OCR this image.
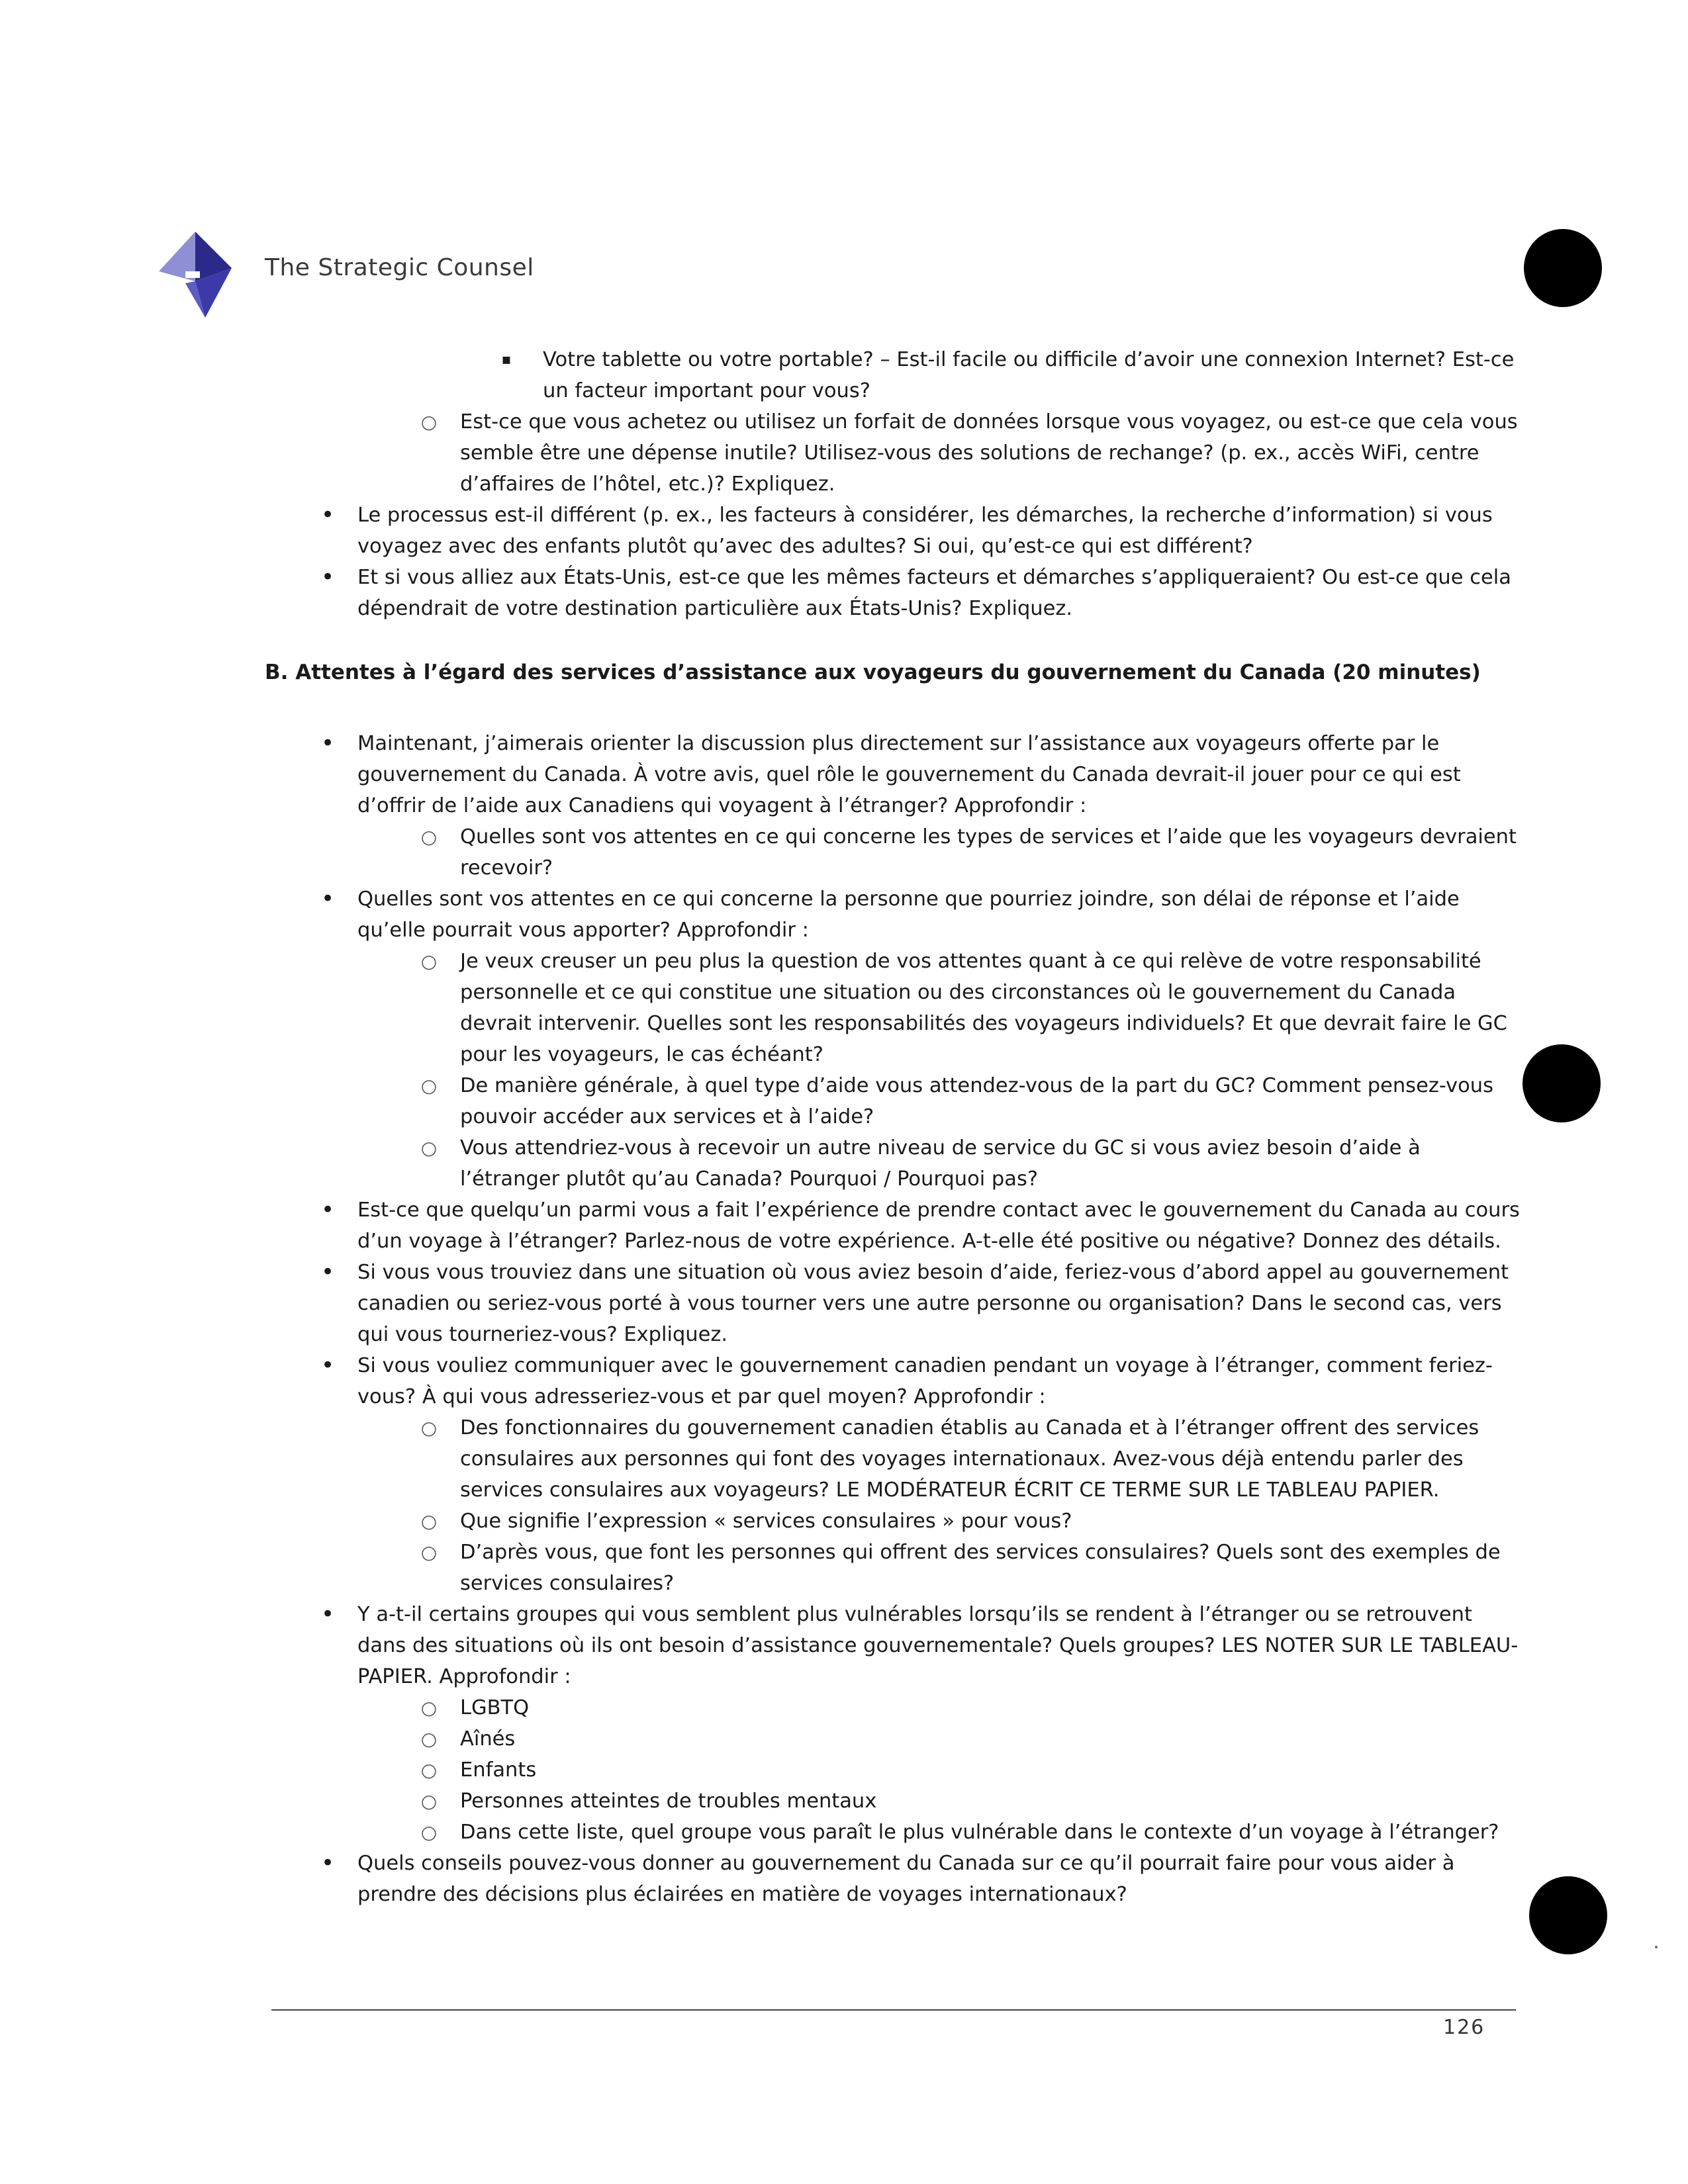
The Strategic Counsel
▪	Votre tablette ou votre portable? – Est-il facile ou difficile d’avoir une connexion Internet? Est-ce un facteur important pour vous?
○ Est-ce que vous achetez ou utilisez un forfait de données lorsque vous voyagez, ou est-ce que cela vous semble être une dépense inutile? Utilisez-vous des solutions de rechange? (p. ex., accès WiFi, centre d’affaires de l’hôtel, etc.)? Expliquez.
•	Le processus est-il différent (p. ex., les facteurs à considérer, les démarches, la recherche d’information) si vous voyagez avec des enfants plutôt qu’avec des adultes? Si oui, qu’est-ce qui est différent?
•	Et si vous alliez aux États-Unis, est-ce que les mêmes facteurs et démarches s’appliqueraient? Ou est-ce que cela dépendrait de votre destination particulière aux États-Unis? Expliquez.
B. Attentes à l’égard des services d’assistance aux voyageurs du gouvernement du Canada (20 minutes)
•	Maintenant, j’aimerais orienter la discussion plus directement sur l’assistance aux voyageurs offerte par le gouvernement du Canada. À votre avis, quel rôle le gouvernement du Canada devrait-il jouer pour ce qui est d’offrir de l’aide aux Canadiens qui voyagent à l’étranger? Approfondir :
○ Quelles sont vos attentes en ce qui concerne les types de services et l’aide que les voyageurs devraient recevoir?
•	Quelles sont vos attentes en ce qui concerne la personne que pourriez joindre, son délai de réponse et l’aide qu’elle pourrait vous apporter? Approfondir :
○ Je veux creuser un peu plus la question de vos attentes quant à ce qui relève de votre responsabilité personnelle et ce qui constitue une situation ou des circonstances où le gouvernement du Canada devrait intervenir. Quelles sont les responsabilités des voyageurs individuels? Et que devrait faire le GC pour les voyageurs, le cas échéant?
○ De manière générale, à quel type d’aide vous attendez-vous de la part du GC? Comment pensez-vous pouvoir accéder aux services et à l’aide?
○ Vous attendriez-vous à recevoir un autre niveau de service du GC si vous aviez besoin d’aide à l’étranger plutôt qu’au Canada? Pourquoi / Pourquoi pas?
•	Est-ce que quelqu’un parmi vous a fait l’expérience de prendre contact avec le gouvernement du Canada au cours d’un voyage à l’étranger? Parlez-nous de votre expérience. A-t-elle été positive ou négative? Donnez des détails.
•	Si vous vous trouviez dans une situation où vous aviez besoin d’aide, feriez-vous d’abord appel au gouvernement canadien ou seriez-vous porté à vous tourner vers une autre personne ou organisation? Dans le second cas, vers qui vous tourneriez-vous? Expliquez.
•	Si vous vouliez communiquer avec le gouvernement canadien pendant un voyage à l’étranger, comment feriez-vous? À qui vous adresseriez-vous et par quel moyen? Approfondir :
○ Des fonctionnaires du gouvernement canadien établis au Canada et à l’étranger offrent des services consulaires aux personnes qui font des voyages internationaux. Avez-vous déjà entendu parler des services consulaires aux voyageurs? LE MODÉRATEUR ÉCRIT CE TERME SUR LE TABLEAU PAPIER.
○ Que signifie l’expression « services consulaires » pour vous?
○ D’après vous, que font les personnes qui offrent des services consulaires? Quels sont des exemples de services consulaires?
•	Y a-t-il certains groupes qui vous semblent plus vulnérables lorsqu’ils se rendent à l’étranger ou se retrouvent dans des situations où ils ont besoin d’assistance gouvernementale? Quels groupes? LES NOTER SUR LE TABLEAU-PAPIER. Approfondir :
○ LGBTQ
○ Aînés
○ Enfants
○ Personnes atteintes de troubles mentaux
○ Dans cette liste, quel groupe vous paraît le plus vulnérable dans le contexte d’un voyage à l’étranger?
•	Quels conseils pouvez-vous donner au gouvernement du Canada sur ce qu’il pourrait faire pour vous aider à prendre des décisions plus éclairées en matière de voyages internationaux?
126
